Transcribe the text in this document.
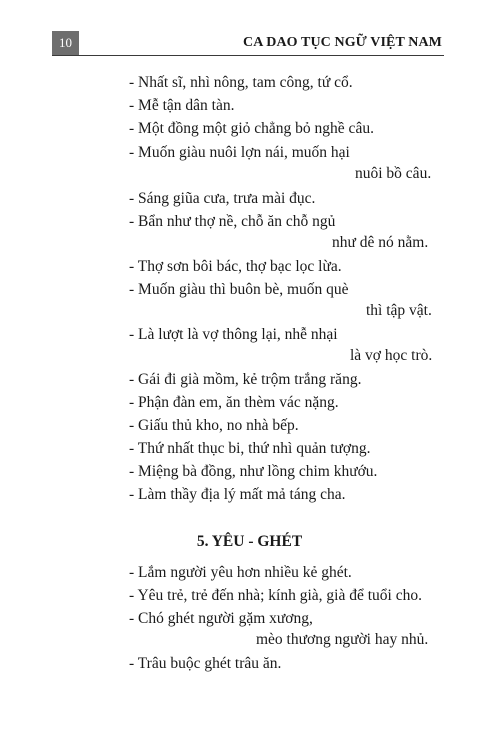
10	CA DAO TỤC NGỮ VIỆT NAM
- Nhất sĩ, nhì nông, tam công, tứ cổ.
- Mễ tận dân tàn.
- Một đồng một giỏ chẳng bỏ nghề câu.
- Muốn giàu nuôi lợn nái, muốn hại
nuôi bồ câu.
- Sáng giũa cưa, trưa mài đục.
- Bẩn như thợ nề, chỗ ăn chỗ ngủ
như dê nó nằm.
- Thợ sơn bôi bác, thợ bạc lọc lừa.
- Muốn giàu thì buôn bè, muốn què
thì tập vật.
- Là lượt là vợ thông lại, nhễ nhại
là vợ học trò.
- Gái đi già mồm, kẻ trộm trắng răng.
- Phận đàn em, ăn thèm vác nặng.
- Giấu thủ kho, no nhà bếp.
- Thứ nhất thục bi, thứ nhì quản tượng.
- Miệng bà đồng, như lồng chim khướu.
- Làm thầy địa lý mất mả táng cha.
5. YÊU - GHÉT
- Lắm người yêu hơn nhiều kẻ ghét.
- Yêu trẻ, trẻ đến nhà; kính già, già để tuổi cho.
- Chó ghét người gặm xương,
mèo thương người hay nhủ.
- Trâu buộc ghét trâu ăn.
